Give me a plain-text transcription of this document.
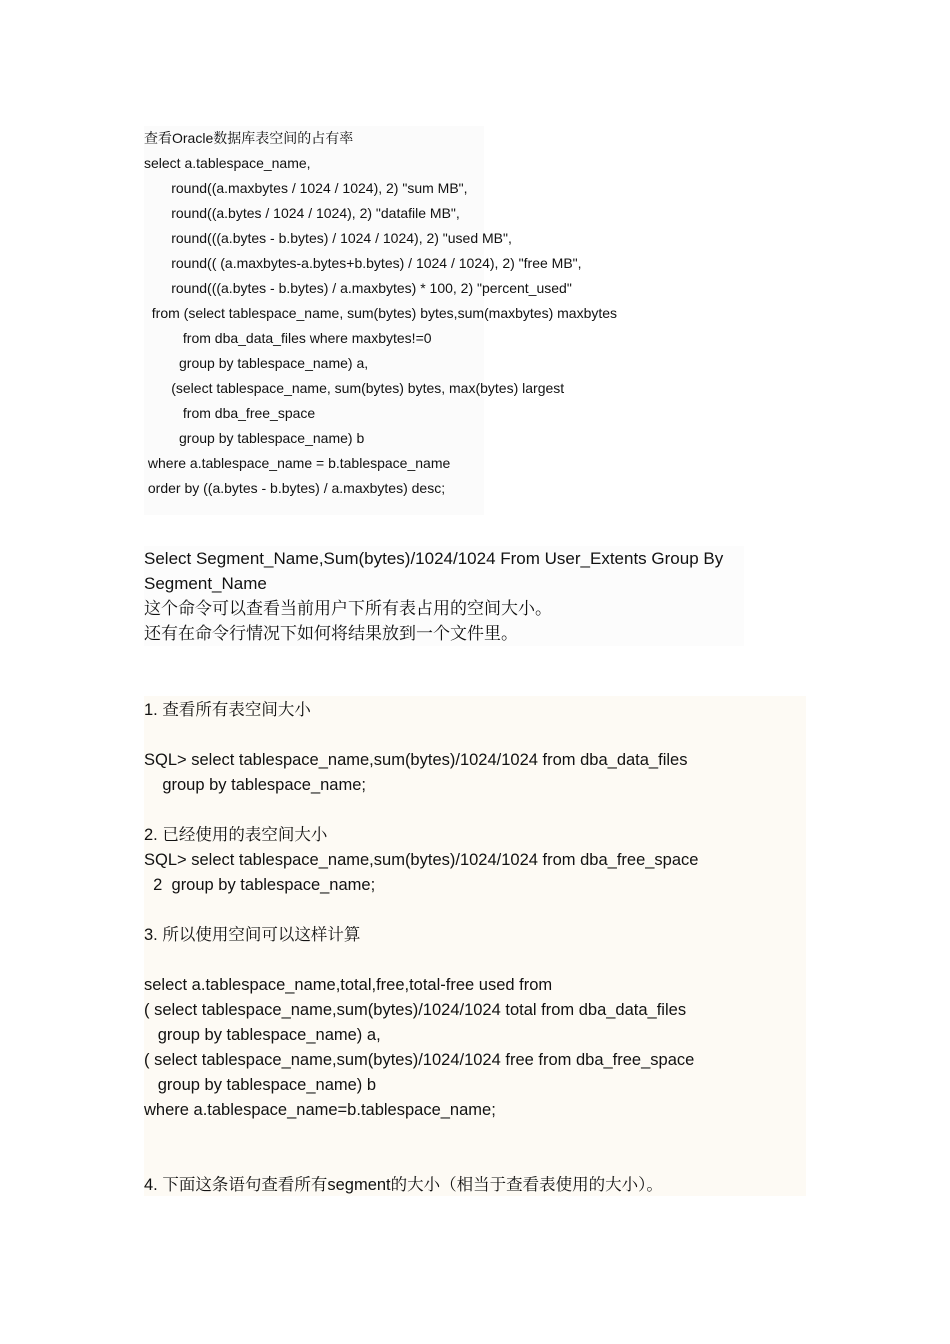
查看Oracle数据库表空间的占有率

select a.tablespace_name,

round((a.maxbytes / 1024 / 1024), 2) "sum MB",

round((a.bytes / 1024 / 1024), 2) "datafile MB",

round(((a.bytes - b.bytes) / 1024 / 1024), 2) "used MB",

round(( (a.maxbytes-a.bytes+b.bytes) / 1024 / 1024), 2) "free MB",

round(((a.bytes - b.bytes) / a.maxbytes) * 100, 2) "percent_used"

from (select tablespace_name, sum(bytes) bytes,sum(maxbytes) maxbytes

from dba_data_files where maxbytes!=0

group by tablespace_name) a,

(select tablespace_name, sum(bytes) bytes, max(bytes) largest

from dba_free_space

group by tablespace_name) b

where a.tablespace_name = b.tablespace_name

order by ((a.bytes - b.bytes) / a.maxbytes) desc;

Select Segment_Name,Sum(bytes)/1024/1024 From User_Extents Group By

Segment_Name

这个命令可以查看当前用户下所有表占用的空间大小。

还有在命令行情况下如何将结果放到一个文件里。

1. 查看所有表空间大小

SQL> select tablespace_name,sum(bytes)/1024/1024 from dba_data_files

group by tablespace_name;

2. 已经使用的表空间大小

SQL> select tablespace_name,sum(bytes)/1024/1024 from dba_free_space

2  group by tablespace_name;

3. 所以使用空间可以这样计算

select a.tablespace_name,total,free,total-free used from

( select tablespace_name,sum(bytes)/1024/1024 total from dba_data_files

group by tablespace_name) a,

( select tablespace_name,sum(bytes)/1024/1024 free from dba_free_space

group by tablespace_name) b

where a.tablespace_name=b.tablespace_name;

4. 下面这条语句查看所有segment的大小（相当于查看表使用的大小）。
